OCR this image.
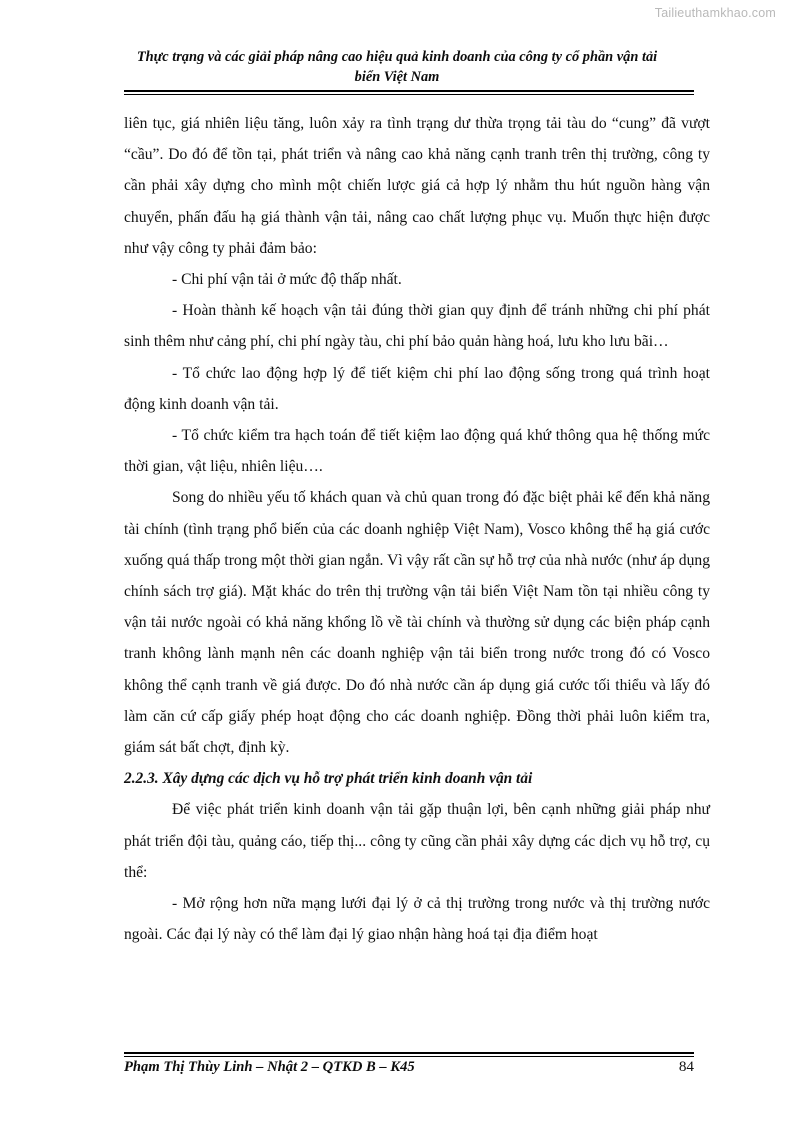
Tailieuthamkhao.com
Thực trạng và các giải pháp nâng cao hiệu quả kinh doanh của công ty cổ phần vận tải biển Việt Nam

liên tục, giá nhiên liệu tăng, luôn xảy ra tình trạng dư thừa trọng tải tàu do “cung” đã vượt “cầu”. Do đó để tồn tại, phát triển và nâng cao khả năng cạnh tranh trên thị trường, công ty cần phải xây dựng cho mình một chiến lược giá cả hợp lý nhằm thu hút nguồn hàng vận chuyển, phấn đấu hạ giá thành vận tải, nâng cao chất lượng phục vụ. Muốn thực hiện được như vậy công ty phải đảm bảo:

- Chi phí vận tải ở mức độ thấp nhất.

- Hoàn thành kế hoạch vận tải đúng thời gian quy định để tránh những chi phí phát sinh thêm như cảng phí, chi phí ngày tàu, chi phí bảo quản hàng hoá, lưu kho lưu bãi…

- Tổ chức lao động hợp lý để tiết kiệm chi phí lao động sống trong quá trình hoạt động kinh doanh vận tải.

- Tổ chức kiểm tra hạch toán để tiết kiệm lao động quá khứ thông qua hệ thống mức thời gian, vật liệu, nhiên liệu….

Song do nhiều yếu tố khách quan và chủ quan trong đó đặc biệt phải kể đến khả năng tài chính (tình trạng phổ biến của các doanh nghiệp Việt Nam), Vosco không thể hạ giá cước xuống quá thấp trong một thời gian ngắn. Vì vậy rất cần sự hỗ trợ của nhà nước (như áp dụng chính sách trợ giá). Mặt khác do trên thị trường vận tải biển Việt Nam tồn tại nhiều công ty vận tải nước ngoài có khả năng khổng lồ về tài chính và thường sử dụng các biện pháp cạnh tranh không lành mạnh nên các doanh nghiệp vận tải biển trong nước trong đó có Vosco không thể cạnh tranh về giá được. Do đó nhà nước cần áp dụng giá cước tối thiểu và lấy đó làm căn cứ cấp giấy phép hoạt động cho các doanh nghiệp. Đồng thời phải luôn kiểm tra, giám sát bất chợt, định kỳ.

2.2.3. Xây dựng các dịch vụ hỗ trợ phát triển kinh doanh vận tải

Để việc phát triển kinh doanh vận tải gặp thuận lợi, bên cạnh những giải pháp như phát triển đội tàu, quảng cáo, tiếp thị... công ty cũng cần phải xây dựng các dịch vụ hỗ trợ, cụ thể:

- Mở rộng hơn nữa mạng lưới đại lý ở cả thị trường trong nước và thị trường nước ngoài. Các đại lý này có thể làm đại lý giao nhận hàng hoá tại địa điểm hoạt

Phạm Thị Thùy Linh – Nhật 2 – QTKD B – K45	84
